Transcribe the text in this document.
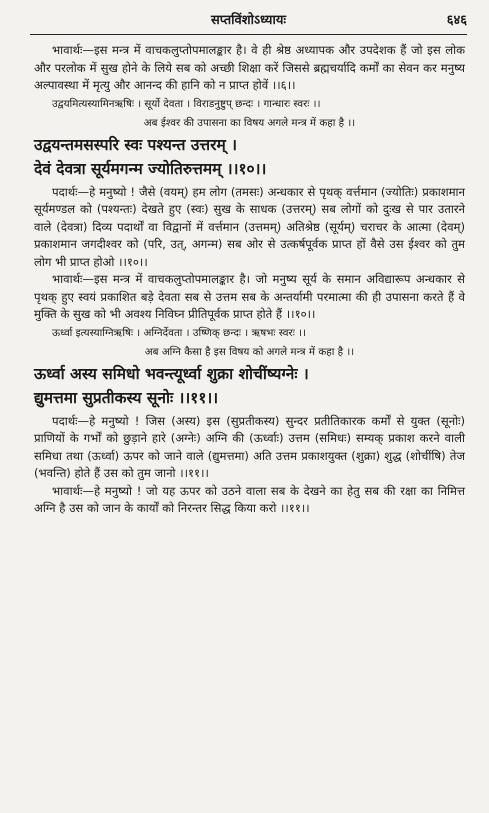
सप्तविंशोऽध्यायः	६४६

भावार्थः—इस मन्त्र में वाचकलुप्तोपमालङ्कार है। वे ही श्रेष्ठ अध्यापक और उपदेशक हैं जो इस लोक और परलोक में सुख होने के लिये सब को अच्छी शिक्षा करें जिससे ब्रह्मचर्यादि कर्मों का सेवन कर मनुष्य अल्पावस्था में मृत्यु और आनन्द की हानि को न प्राप्त होवें ।।६।।

उद्वयमित्यस्यामिनऋषिः । सूर्यो देवता । विराडनुष्टुप् छन्दः । गान्धारः स्वरः ।।

अब ईश्वर की उपासना का विषय अगले मन्त्र में कहा है ।।

उद्वयन्तमसस्परि स्वः पश्यन्त उत्तरम् ।

देवं देवत्रा सूर्यमगन्म ज्योतिरुत्तमम् ।।१०।।

पदार्थः—हे मनुष्यो ! जैसे (वयम्) हम लोग (तमसः) अन्धकार से पृथक् वर्त्तमान (ज्योतिः) प्रकाशमान सूर्यमण्डल को (पश्यन्तः) देखते हुए (स्वः) सुख के साधक (उत्तरम्) सब लोगों को दुःख से पार उतारने वाले (देवत्रा) दिव्य पदार्थों वा विद्वानों में वर्त्तमान (उत्तमम्) अतिश्रेष्ठ (सूर्यम्) चराचर के आत्मा (देवम्) प्रकाशमान जगदीश्वर को (परि, उत्, अगन्म) सब ओर से उत्कर्षपूर्वक प्राप्त हों वैसे उस ईश्वर को तुम लोग भी प्राप्त होओ ।।१०।।

भावार्थः—इस मन्त्र में वाचकलुप्तोपमालङ्कार है। जो मनुष्य सूर्य के समान अविद्यारूप अन्धकार से पृथक् हुए स्वयं प्रकाशित बड़े देवता सब से उत्तम सब के अन्तर्यामी परमात्मा की ही उपासना करते हैं वे मुक्ति के सुख को भी अवश्य निविघ्न प्रीतिपूर्वक प्राप्त होते हैं ।।१०।।

ऊर्ध्वा इत्यस्याग्निऋषिः । अग्निर्देवता । उष्णिक् छन्दः । ऋषभः स्वरः ।।

अब अग्नि कैसा है इस विषय को अगले मन्त्र में कहा है ।।

ऊर्ध्वा अस्य समिधो भवन्त्यूर्ध्वा शुक्रा शोचींष्यग्नेः ।

द्युमत्तमा सुप्रतीकस्य सूनोः ।।११।।

पदार्थः—हे मनुष्यो ! जिस (अस्य) इस (सुप्रतीकस्य) सुन्दर प्रतीतिकारक कर्मों से युक्त (सूनोः) प्राणियों के गर्भों को छुड़ाने हारे (अग्नेः) अग्नि की (ऊर्ध्वाः) उत्तम (समिधः) सम्यक् प्रकाश करने वाली समिधा तथा (ऊर्ध्वा) ऊपर को जाने वाले (द्युमत्तमा) अति उत्तम प्रकाशयुक्त (शुक्रा) शुद्ध (शोचींषि) तेज (भवन्ति) होते हैं उस को तुम जानो ।।११।।

भावार्थः—हे मनुष्यो ! जो यह ऊपर को उठने वाला सब के देखने का हेतु सब की रक्षा का निमित्त अग्नि है उस को जान के कार्यों को निरन्तर सिद्ध किया करो ।।११।।
